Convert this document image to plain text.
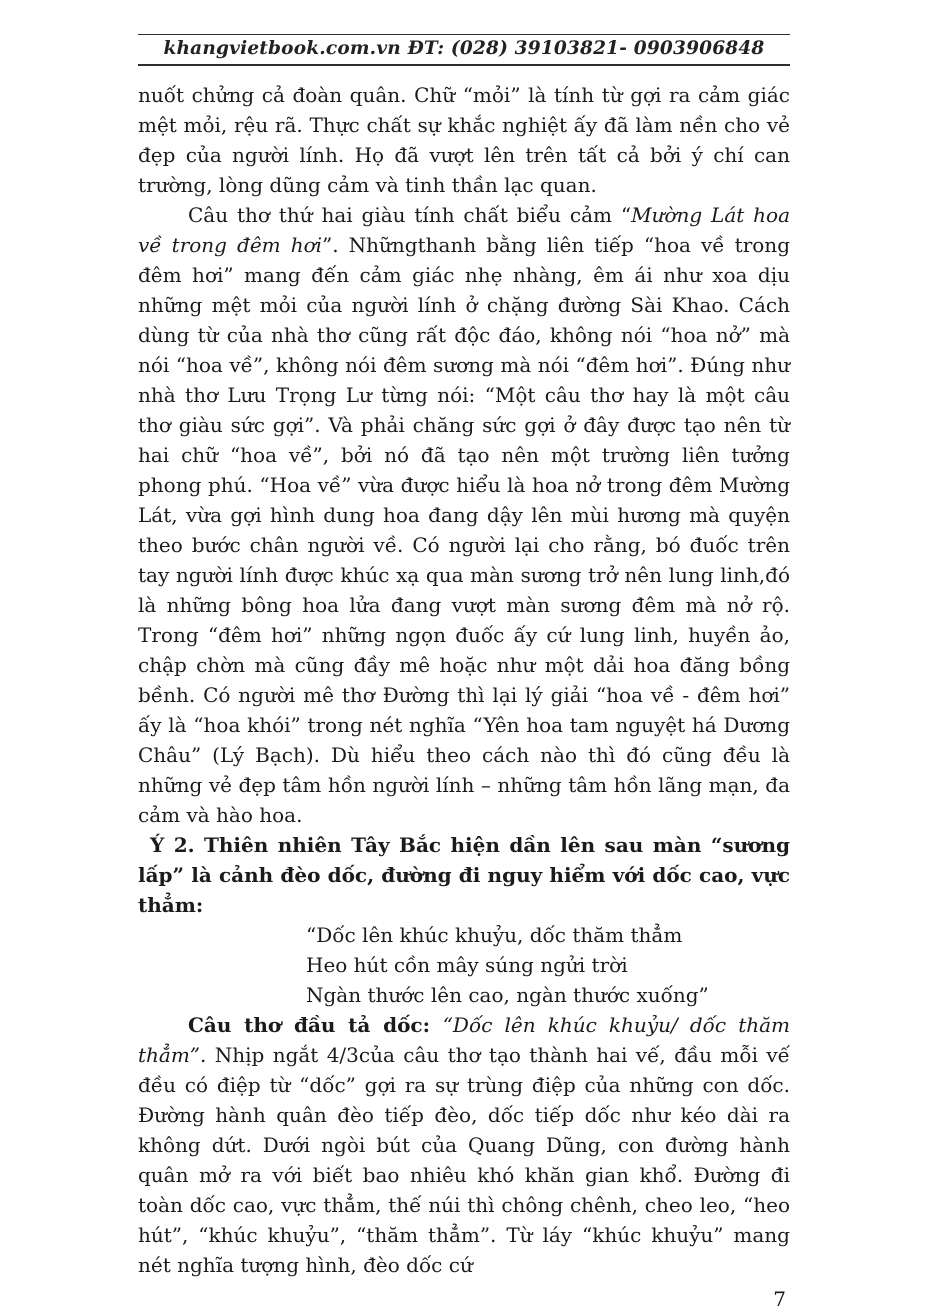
khangvietbook.com.vn ĐT: (028) 39103821- 0903906848

nuốt chửng cả đoàn quân. Chữ “mỏi” là tính từ gợi ra cảm giác mệt mỏi, rệu rã. Thực chất sự khắc nghiệt ấy đã làm nền cho vẻ đẹp của người lính. Họ đã vượt lên trên tất cả bởi ý chí can trường, lòng dũng cảm và tinh thần lạc quan.

Câu thơ thứ hai giàu tính chất biểu cảm “Mường Lát hoa về trong đêm hơi”. Nhữngthanh bằng liên tiếp “hoa về trong đêm hơi” mang đến cảm giác nhẹ nhàng, êm ái như xoa dịu những mệt mỏi của người lính ở chặng đường Sài Khao. Cách dùng từ của nhà thơ cũng rất độc đáo, không nói “hoa nở” mà nói “hoa về”, không nói đêm sương mà nói “đêm hơi”. Đúng như nhà thơ Lưu Trọng Lư từng nói: “Một câu thơ hay là một câu thơ giàu sức gợi”. Và phải chăng sức gợi ở đây được tạo nên từ hai chữ “hoa về”, bởi nó đã tạo nên một trường liên tưởng phong phú. “Hoa về” vừa được hiểu là hoa nở trong đêm Mường Lát, vừa gợi hình dung hoa đang dậy lên mùi hương mà quyện theo bước chân người về. Có người lại cho rằng, bó đuốc trên tay người lính được khúc xạ qua màn sương trở nên lung linh,đó là những bông hoa lửa đang vượt màn sương đêm mà nở rộ. Trong “đêm hơi” những ngọn đuốc ấy cứ lung linh, huyền ảo, chập chờn mà cũng đầy mê hoặc như một dải hoa đăng bồng bềnh. Có người mê thơ Đường thì lại lý giải “hoa về - đêm hơi” ấy là “hoa khói” trong nét nghĩa “Yên hoa tam nguyệt há Dương Châu” (Lý Bạch). Dù hiểu theo cách nào thì đó cũng đều là những vẻ đẹp tâm hồn người lính – những tâm hồn lãng mạn, đa cảm và hào hoa.

Ý 2. Thiên nhiên Tây Bắc hiện dần lên sau màn “sương lấp” là cảnh đèo dốc, đường đi nguy hiểm với dốc cao, vực thẳm:

“Dốc lên khúc khuỷu, dốc thăm thẳm
Heo hút cồn mây súng ngửi trời
Ngàn thước lên cao, ngàn thước xuống”

Câu thơ đầu tả dốc: “Dốc lên khúc khuỷu/ dốc thăm thẳm”. Nhịp ngắt 4/3của câu thơ tạo thành hai vế, đầu mỗi vế đều có điệp từ “dốc” gợi ra sự trùng điệp của những con dốc. Đường hành quân đèo tiếp đèo, dốc tiếp dốc như kéo dài ra không dứt. Dưới ngòi bút của Quang Dũng, con đường hành quân mở ra với biết bao nhiêu khó khăn gian khổ. Đường đi toàn dốc cao, vực thẳm, thế núi thì chông chênh, cheo leo, “heo hút”, “khúc khuỷu”, “thăm thẳm”. Từ láy “khúc khuỷu” mang nét nghĩa tượng hình, đèo dốc cứ

7
